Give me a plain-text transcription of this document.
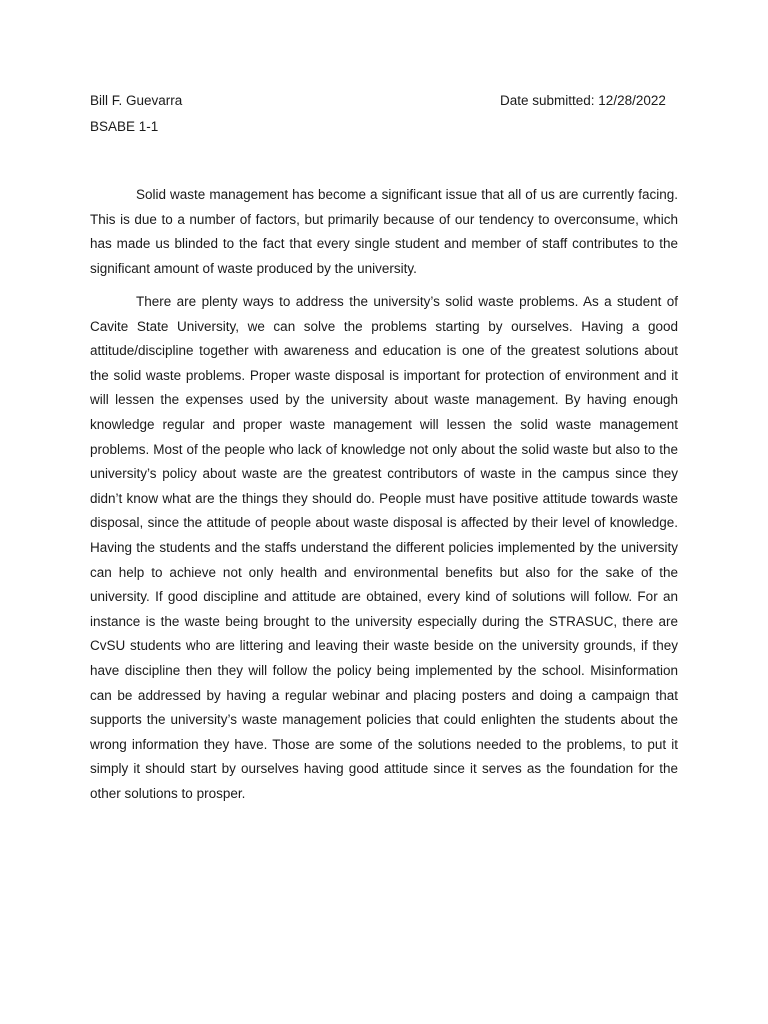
Bill F. Guevarra
BSABE 1-1
Date submitted: 12/28/2022

Solid waste management has become a significant issue that all of us are currently facing. This is due to a number of factors, but primarily because of our tendency to overconsume, which has made us blinded to the fact that every single student and member of staff contributes to the significant amount of waste produced by the university.

There are plenty ways to address the university’s solid waste problems. As a student of Cavite State University, we can solve the problems starting by ourselves. Having a good attitude/discipline together with awareness and education is one of the greatest solutions about the solid waste problems. Proper waste disposal is important for protection of environment and it will lessen the expenses used by the university about waste management. By having enough knowledge regular and proper waste management will lessen the solid waste management problems. Most of the people who lack of knowledge not only about the solid waste but also to the university’s policy about waste are the greatest contributors of waste in the campus since they didn’t know what are the things they should do. People must have positive attitude towards waste disposal, since the attitude of people about waste disposal is affected by their level of knowledge. Having the students and the staffs understand the different policies implemented by the university can help to achieve not only health and environmental benefits but also for the sake of the university. If good discipline and attitude are obtained, every kind of solutions will follow. For an instance is the waste being brought to the university especially during the STRASUC, there are CvSU students who are littering and leaving their waste beside on the university grounds, if they have discipline then they will follow the policy being implemented by the school. Misinformation can be addressed by having a regular webinar and placing posters and doing a campaign that supports the university’s waste management policies that could enlighten the students about the wrong information they have. Those are some of the solutions needed to the problems, to put it simply it should start by ourselves having good attitude since it serves as the foundation for the other solutions to prosper.
